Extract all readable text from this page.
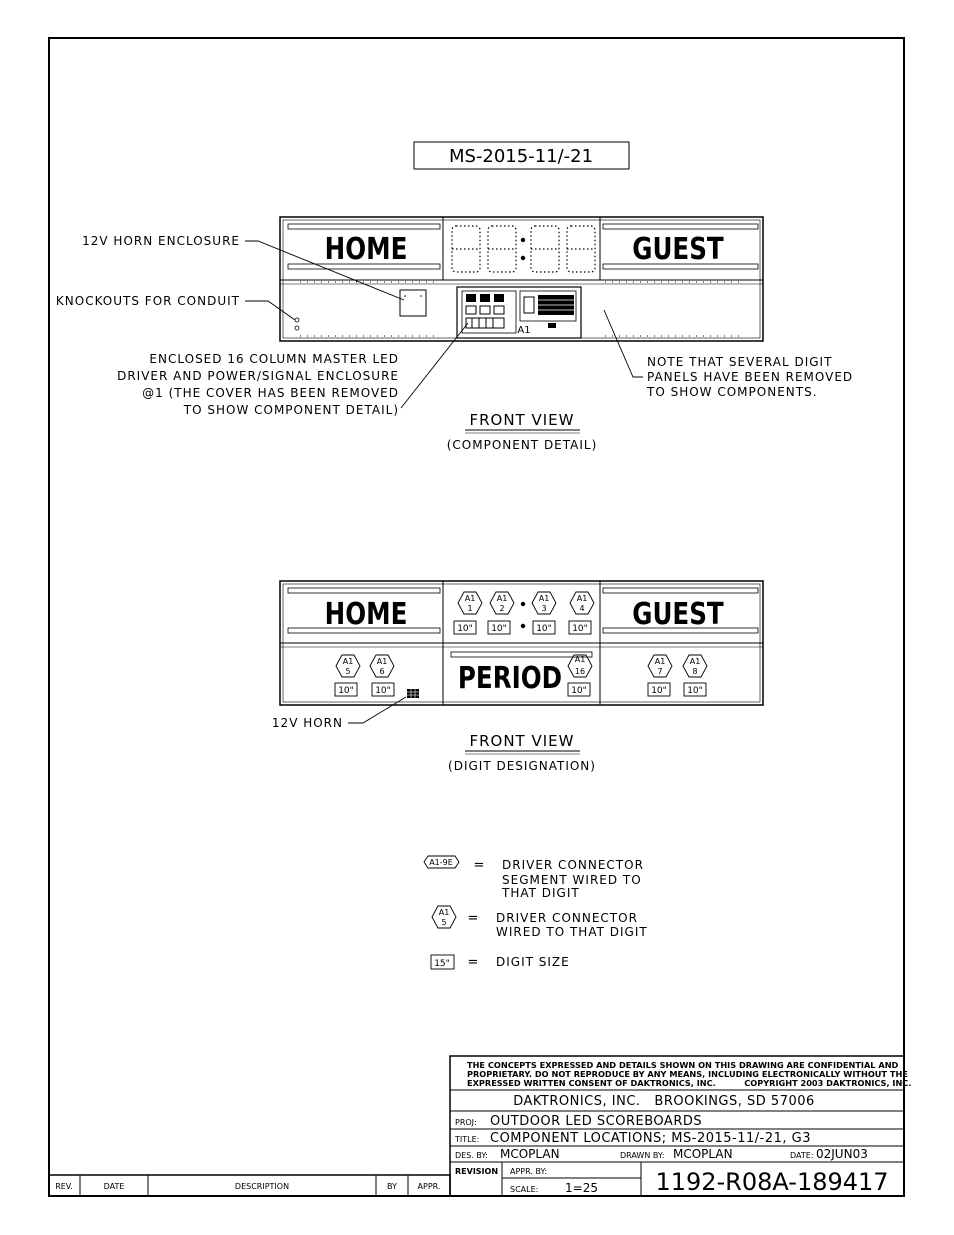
MS-2015-11/-21
HOME	GUEST
A1
12V HORN ENCLOSURE
KNOCKOUTS FOR CONDUIT
ENCLOSED 16 COLUMN MASTER LED
DRIVER AND POWER/SIGNAL ENCLOSURE
@1 (THE COVER HAS BEEN REMOVED
TO SHOW COMPONENT DETAIL)
NOTE THAT SEVERAL DIGIT
PANELS HAVE BEEN REMOVED
TO SHOW COMPONENTS.
FRONT VIEW
(COMPONENT DETAIL)
HOME	GUEST
PERIOD
A1
1
10"
A1
2
10"
A1
3
10"
A1
4
10"
A1
5
10"
A1
6
10"
A1
16
10"
A1
7
10"
A1
8
10"
12V HORN
FRONT VIEW
(DIGIT DESIGNATION)
A1-9E = DRIVER CONNECTOR
SEGMENT WIRED TO
THAT DIGIT
A1
5 = DRIVER CONNECTOR
WIRED TO THAT DIGIT
15" = DIGIT SIZE
THE CONCEPTS EXPRESSED AND DETAILS SHOWN ON THIS DRAWING ARE CONFIDENTIAL AND
PROPRIETARY. DO NOT REPRODUCE BY ANY MEANS, INCLUDING ELECTRONICALLY WITHOUT THE
EXPRESSED WRITTEN CONSENT OF DAKTRONICS, INC.          COPYRIGHT 2003 DAKTRONICS, INC.
DAKTRONICS, INC.   BROOKINGS, SD 57006
PROJ: OUTDOOR LED SCOREBOARDS
TITLE: COMPONENT LOCATIONS; MS-2015-11/-21, G3
DES. BY: MCOPLAN	DRAWN BY: MCOPLAN	DATE: 02JUN03
REVISION APPR. BY:
SCALE: 1=25 1192-R08A-189417
REV.	DATE	DESCRIPTION	BY	APPR.
